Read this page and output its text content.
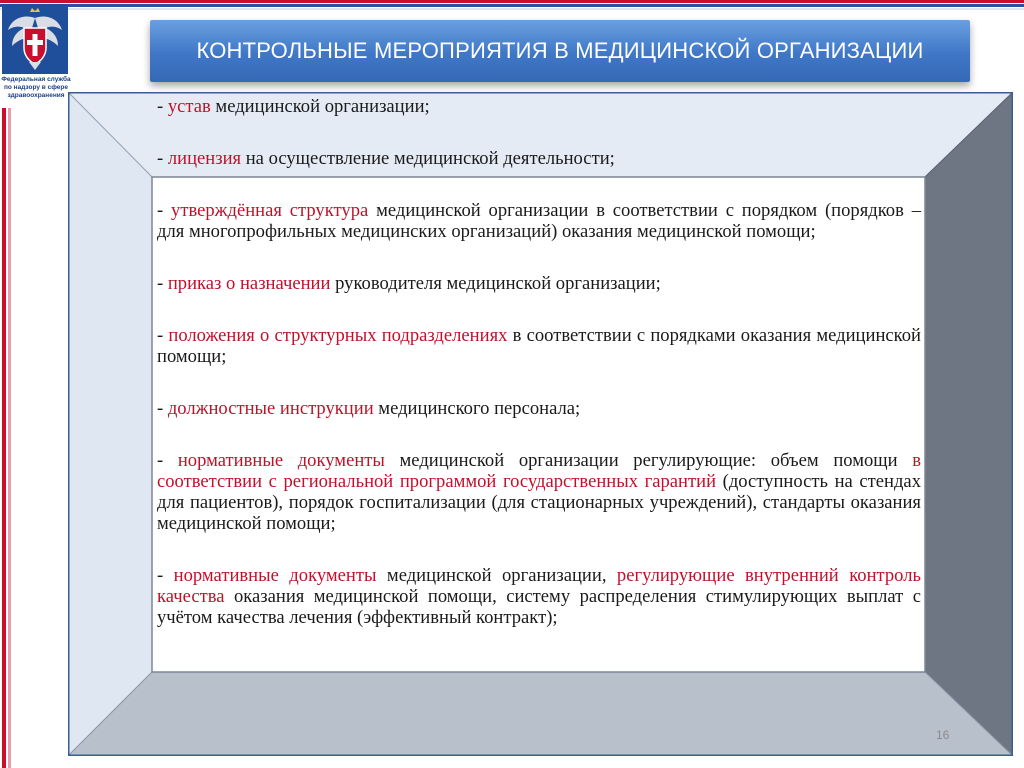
Федеральная служба
по надзору в сфере
здравоохранения
КОНТРОЛЬНЫЕ МЕРОПРИЯТИЯ В МЕДИЦИНСКОЙ ОРГАНИЗАЦИИ
- устав медицинской организации;
- лицензия на осуществление медицинской деятельности;
- утверждённая структура медицинской организации в соответствии с порядком (порядков – для многопрофильных медицинских организаций) оказания медицинской помощи;
- приказ о назначении руководителя медицинской организации;
- положения о структурных подразделениях в соответствии с порядками оказания медицинской помощи;
- должностные инструкции медицинского персонала;
- нормативные документы медицинской организации регулирующие: объем помощи в соответствии с региональной программой государственных гарантий (доступность на стендах для пациентов), порядок госпитализации (для стационарных учреждений), стандарты оказания медицинской помощи;
- нормативные документы медицинской организации, регулирующие внутренний контроль качества оказания медицинской помощи, систему распределения стимулирующих выплат с учётом качества лечения (эффективный контракт);
16
